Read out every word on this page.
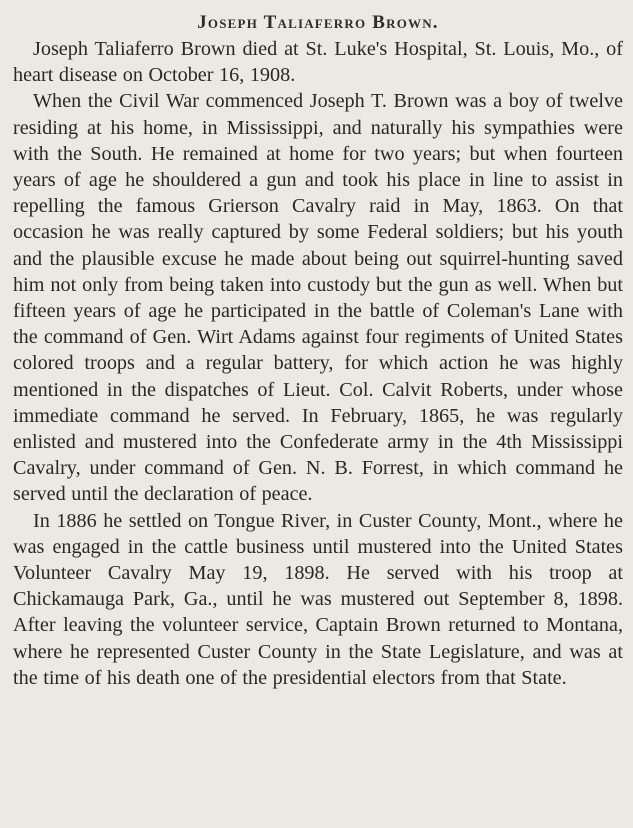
Joseph Taliaferro Brown.

Joseph Taliaferro Brown died at St. Luke's Hospital, St. Louis, Mo., of heart disease on October 16, 1908.

When the Civil War commenced Joseph T. Brown was a boy of twelve residing at his home, in Mississippi, and naturally his sympathies were with the South. He remained at home for two years; but when fourteen years of age he shouldered a gun and took his place in line to assist in repelling the famous Grierson Cavalry raid in May, 1863. On that occasion he was really captured by some Federal soldiers; but his youth and the plausible excuse he made about being out squirrel-hunting saved him not only from being taken into custody but the gun as well. When but fifteen years of age he participated in the battle of Coleman's Lane with the command of Gen. Wirt Adams against four regiments of United States colored troops and a regular battery, for which action he was highly mentioned in the dispatches of Lieut. Col. Calvit Roberts, under whose immediate command he served. In February, 1865, he was regularly enlisted and mustered into the Confederate army in the 4th Mississippi Cavalry, under command of Gen. N. B. Forrest, in which command he served until the declaration of peace.

In 1886 he settled on Tongue River, in Custer County, Mont., where he was engaged in the cattle business until mustered into the United States Volunteer Cavalry May 19, 1898. He served with his troop at Chickamauga Park, Ga., until he was mustered out September 8, 1898. After leaving the volunteer service, Captain Brown returned to Montana, where he represented Custer County in the State Legislature, and was at the time of his death one of the presidential electors from that State.
